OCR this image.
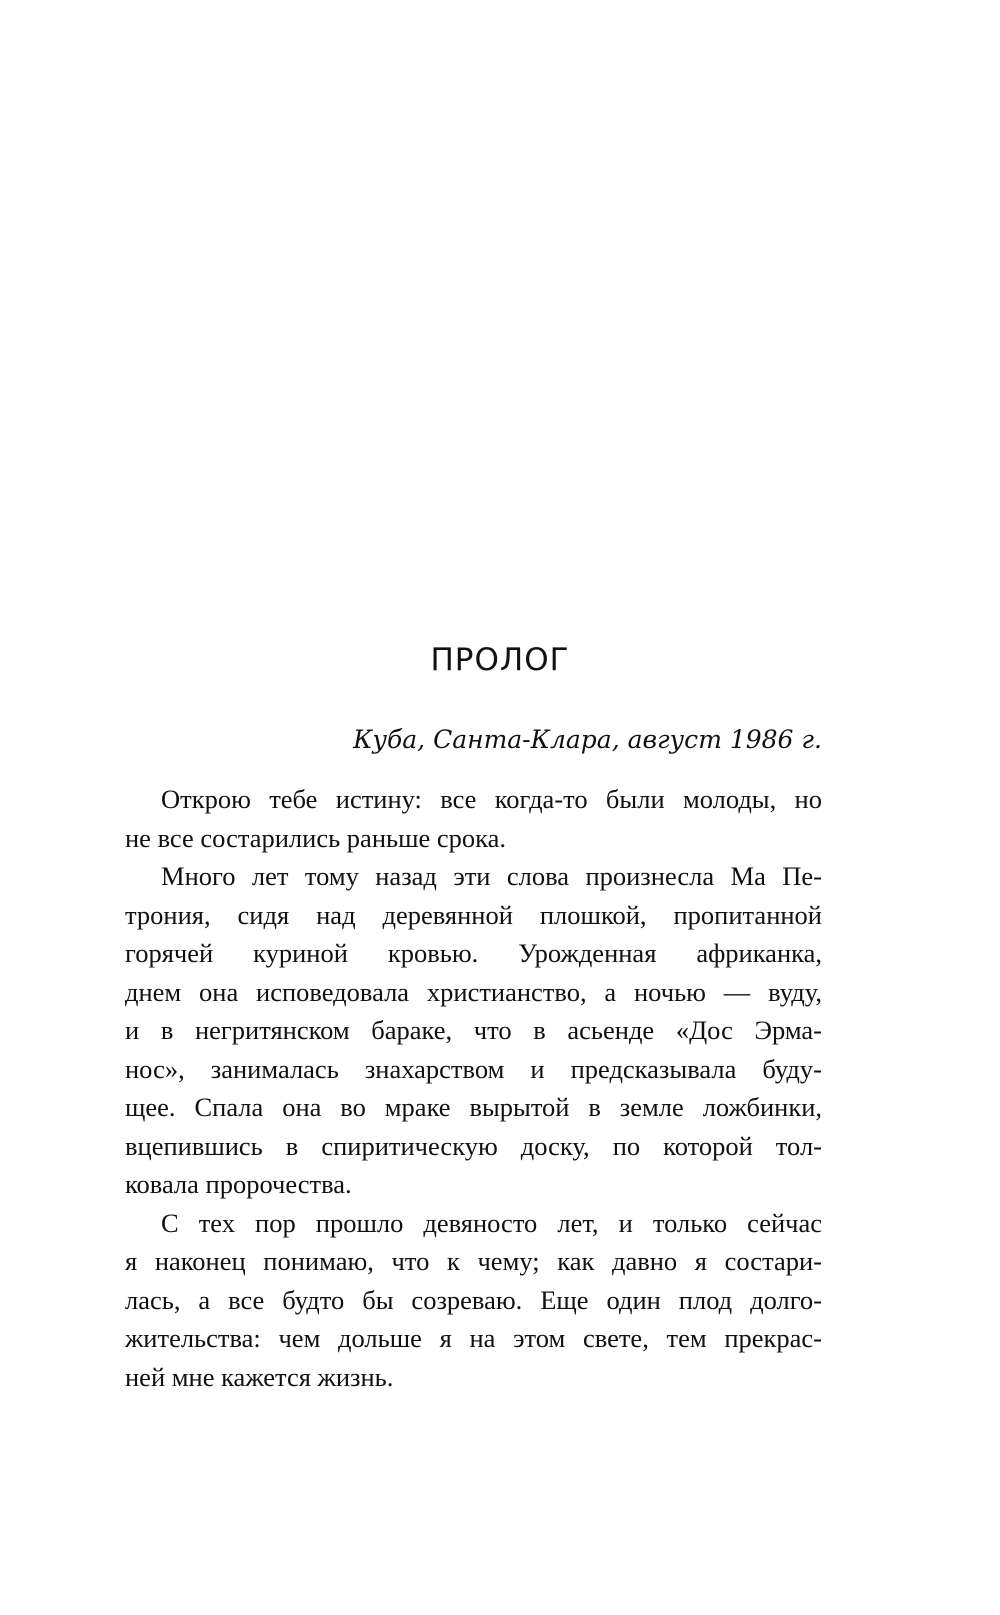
ПРОЛОГ

Куба, Санта-Клара, август 1986 г.

Открою тебе истину: все когда-то были молоды, но
не все состарились раньше срока.

Много лет тому назад эти слова произнесла Ма Пе-
трония, сидя над деревянной плошкой, пропитанной
горячей куриной кровью. Урожденная африканка,
днем она исповедовала христианство, а ночью — вуду,
и в негритянском бараке, что в асьенде «Дос Эрма-
нос», занималась знахарством и предсказывала буду-
щее. Спала она во мраке вырытой в земле ложбинки,
вцепившись в спиритическую доску, по которой тол-
ковала пророчества.

С тех пор прошло девяносто лет, и только сейчас
я наконец понимаю, что к чему; как давно я состари-
лась, а все будто бы созреваю. Еще один плод долго-
жительства: чем дольше я на этом свете, тем прекрас-
ней мне кажется жизнь.
